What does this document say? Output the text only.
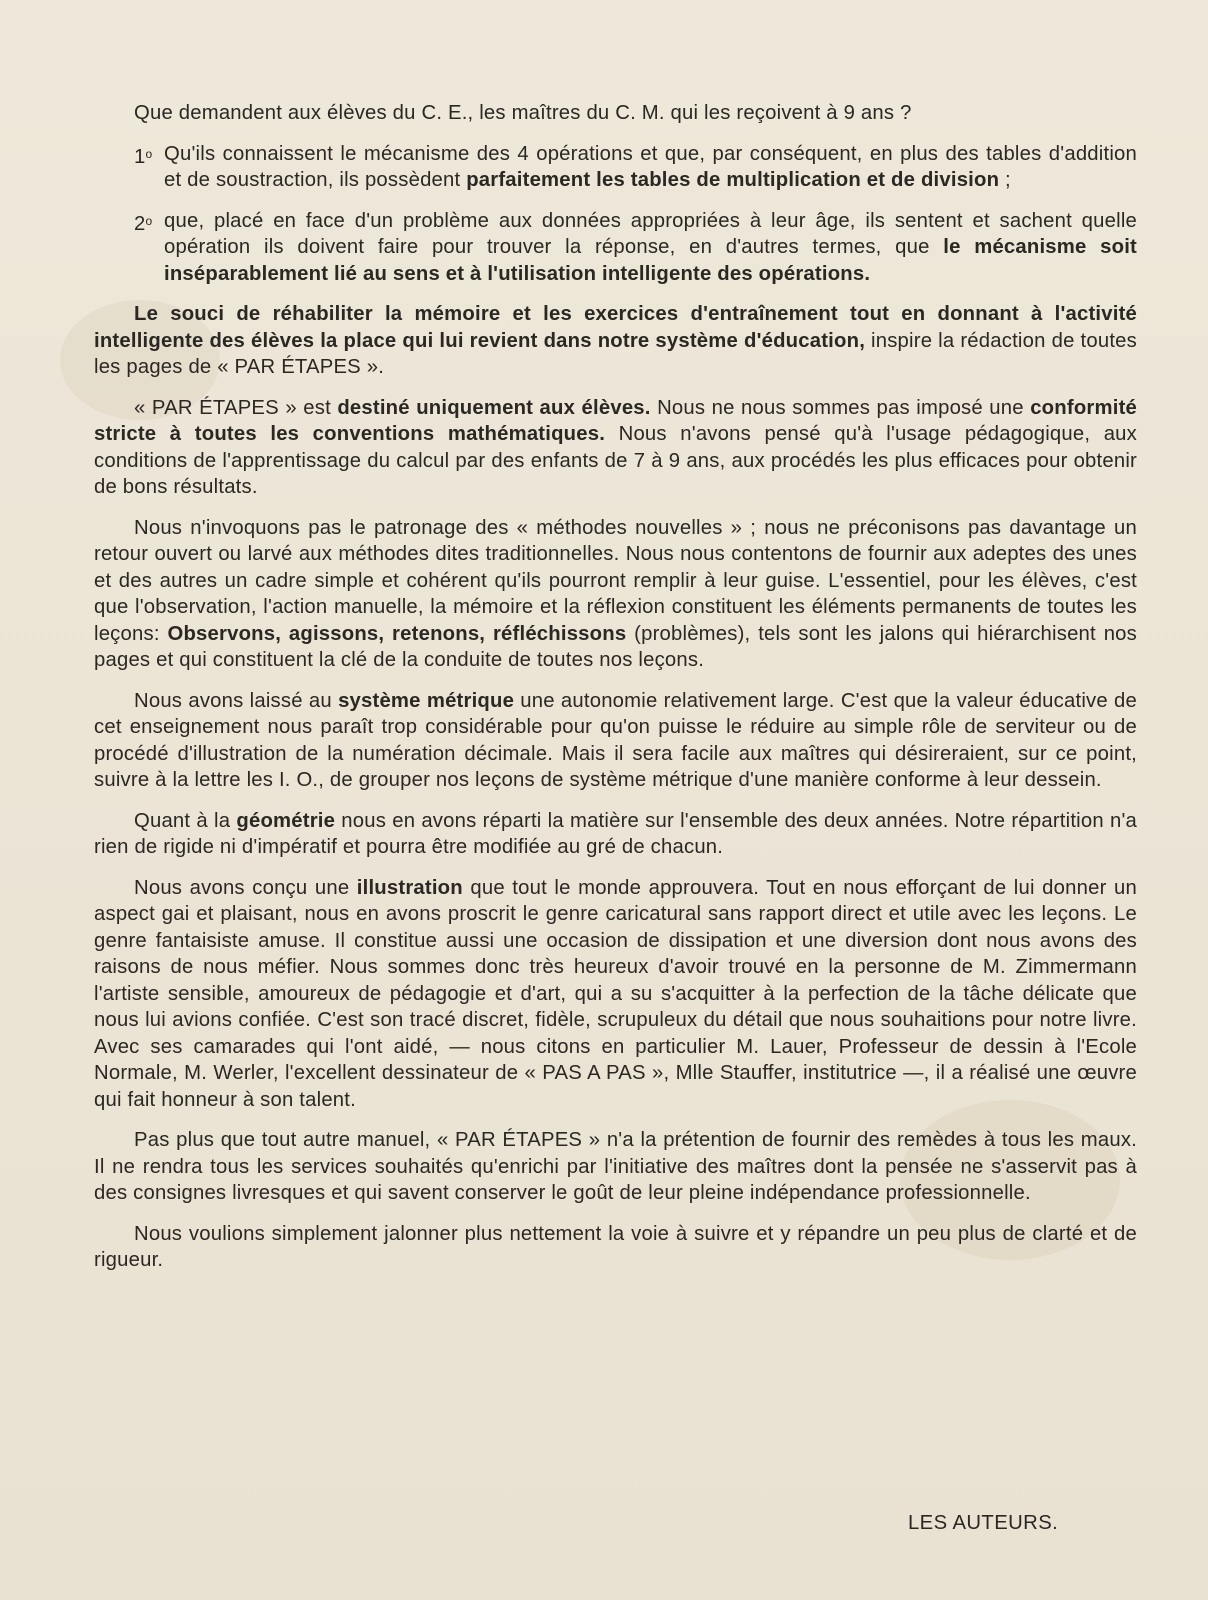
Que demandent aux élèves du C. E., les maîtres du C. M. qui les reçoivent à 9 ans ?

1$^o$ Qu'ils connaissent le mécanisme des 4 opérations et que, par conséquent, en plus des tables d'addition et de soustraction, ils possèdent parfaitement les tables de multiplication et de division ;
2$^o$ que, placé en face d'un problème aux données appropriées à leur âge, ils sentent et sachent quelle opération ils doivent faire pour trouver la réponse, en d'autres termes, que le mécanisme soit inséparablement lié au sens et à l'utilisation intelligente des opérations.

Le souci de réhabiliter la mémoire et les exercices d'entraînement tout en donnant à l'activité intelligente des élèves la place qui lui revient dans notre système d'éducation, inspire la rédaction de toutes les pages de « PAR ÉTAPES ».

« PAR ÉTAPES » est destiné uniquement aux élèves. Nous ne nous sommes pas imposé une conformité stricte à toutes les conventions mathématiques. Nous n'avons pensé qu'à l'usage pédagogique, aux conditions de l'apprentissage du calcul par des enfants de 7 à 9 ans, aux procédés les plus efficaces pour obtenir de bons résultats.

Nous n'invoquons pas le patronage des « méthodes nouvelles » ; nous ne préconisons pas davantage un retour ouvert ou larvé aux méthodes dites traditionnelles. Nous nous contentons de fournir aux adeptes des unes et des autres un cadre simple et cohérent qu'ils pourront remplir à leur guise. L'essentiel, pour les élèves, c'est que l'observation, l'action manuelle, la mémoire et la réflexion constituent les éléments permanents de toutes les leçons: Observons, agissons, retenons, réfléchissons (problèmes), tels sont les jalons qui hiérarchisent nos pages et qui constituent la clé de la conduite de toutes nos leçons.

Nous avons laissé au système métrique une autonomie relativement large. C'est que la valeur éducative de cet enseignement nous paraît trop considérable pour qu'on puisse le réduire au simple rôle de serviteur ou de procédé d'illustration de la numération décimale. Mais il sera facile aux maîtres qui désireraient, sur ce point, suivre à la lettre les I. O., de grouper nos leçons de système métrique d'une manière conforme à leur dessein.

Quant à la géométrie nous en avons réparti la matière sur l'ensemble des deux années. Notre répartition n'a rien de rigide ni d'impératif et pourra être modifiée au gré de chacun.

Nous avons conçu une illustration que tout le monde approuvera. Tout en nous efforçant de lui donner un aspect gai et plaisant, nous en avons proscrit le genre caricatural sans rapport direct et utile avec les leçons. Le genre fantaisiste amuse. Il constitue aussi une occasion de dissipation et une diversion dont nous avons des raisons de nous méfier. Nous sommes donc très heureux d'avoir trouvé en la personne de M. Zimmermann l'artiste sensible, amoureux de pédagogie et d'art, qui a su s'acquitter à la perfection de la tâche délicate que nous lui avions confiée. C'est son tracé discret, fidèle, scrupuleux du détail que nous souhaitions pour notre livre. Avec ses camarades qui l'ont aidé, — nous citons en particulier M. Lauer, Professeur de dessin à l'Ecole Normale, M. Werler, l'excellent dessinateur de « PAS A PAS », Mlle Stauffer, institutrice —, il a réalisé une œuvre qui fait honneur à son talent.

Pas plus que tout autre manuel, « PAR ÉTAPES » n'a la prétention de fournir des remèdes à tous les maux. Il ne rendra tous les services souhaités qu'enrichi par l'initiative des maîtres dont la pensée ne s'asservit pas à des consignes livresques et qui savent conserver le goût de leur pleine indépendance professionnelle.

Nous voulions simplement jalonner plus nettement la voie à suivre et y répandre un peu plus de clarté et de rigueur.

LES AUTEURS.
